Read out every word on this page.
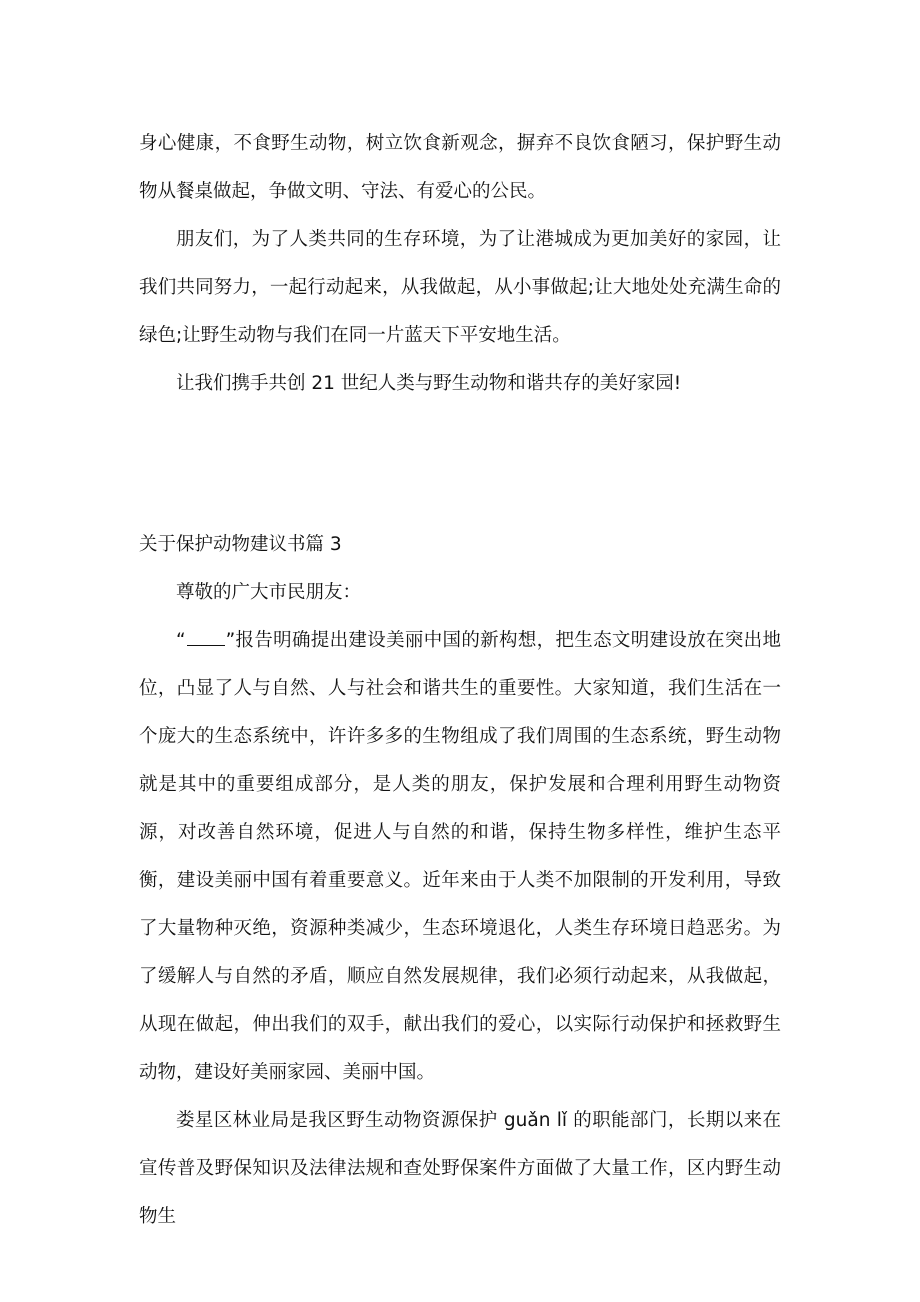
身心健康，不食野生动物，树立饮食新观念，摒弃不良饮食陋习，保护野生动物从餐桌做起，争做文明、守法、有爱心的公民。

朋友们，为了人类共同的生存环境，为了让港城成为更加美好的家园，让我们共同努力，一起行动起来，从我做起，从小事做起;让大地处处充满生命的绿色;让野生动物与我们在同一片蓝天下平安地生活。

让我们携手共创 21 世纪人类与野生动物和谐共存的美好家园!

关于保护动物建议书篇 3

尊敬的广大市民朋友：

“ ”报告明确提出建设美丽中国的新构想，把生态文明建设放在突出地位，凸显了人与自然、人与社会和谐共生的重要性。大家知道，我们生活在一个庞大的生态系统中，许许多多的生物组成了我们周围的生态系统，野生动物就是其中的重要组成部分，是人类的朋友，保护发展和合理利用野生动物资源，对改善自然环境，促进人与自然的和谐，保持生物多样性，维护生态平衡，建设美丽中国有着重要意义。近年来由于人类不加限制的开发利用，导致了大量物种灭绝，资源种类减少，生态环境退化，人类生存环境日趋恶劣。为了缓解人与自然的矛盾，顺应自然发展规律，我们必须行动起来，从我做起，从现在做起，伸出我们的双手，献出我们的爱心，以实际行动保护和拯救野生动物，建设好美丽家园、美丽中国。

娄星区林业局是我区野生动物资源保护 guǎn lǐ 的职能部门，长期以来在宣传普及野保知识及法律法规和查处野保案件方面做了大量工作，区内野生动物生
